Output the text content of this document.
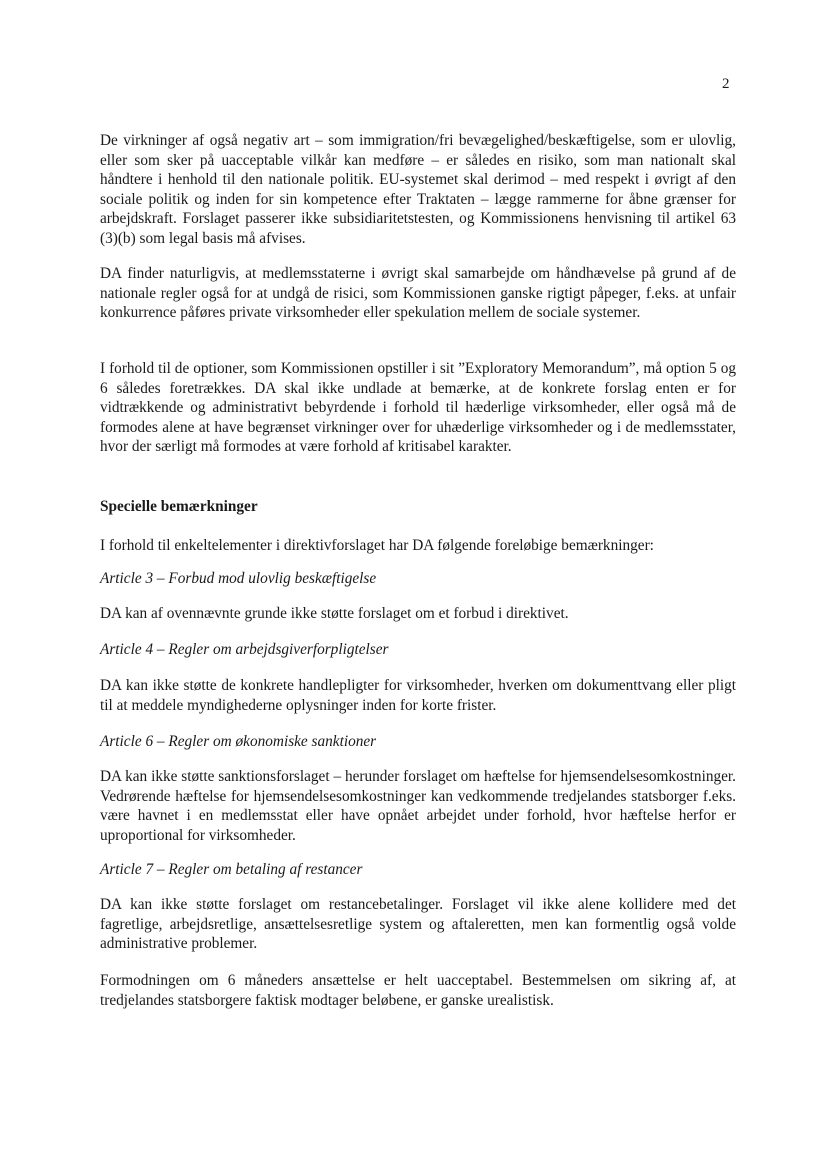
2

De virkninger af også negativ art – som immigration/fri bevægelighed/beskæftigelse, som er ulovlig, eller som sker på uacceptable vilkår kan medføre – er således en risiko, som man nationalt skal håndtere i henhold til den nationale politik. EU-systemet skal derimod – med respekt i øvrigt af den sociale politik og inden for sin kompetence efter Traktaten – lægge rammerne for åbne grænser for arbejdskraft. Forslaget passerer ikke subsidiaritetstesten, og Kommissionens henvisning til artikel 63 (3)(b) som legal basis må afvises.

DA finder naturligvis, at medlemsstaterne i øvrigt skal samarbejde om håndhævelse på grund af de nationale regler også for at undgå de risici, som Kommissionen ganske rigtigt påpeger, f.eks. at unfair konkurrence påføres private virksomheder eller spekulation mellem de sociale systemer.

I forhold til de optioner, som Kommissionen opstiller i sit ”Exploratory Memorandum”, må option 5 og 6 således foretrækkes. DA skal ikke undlade at bemærke, at de konkrete forslag enten er for vidtrækkende og administrativt bebyrdende i forhold til hæderlige virksomheder, eller også må de formodes alene at have begrænset virkninger over for uhæderlige virksomheder og i de medlemsstater, hvor der særligt må formodes at være forhold af kritisabel karakter.

Specielle bemærkninger

I forhold til enkeltelementer i direktivforslaget har DA følgende foreløbige bemærkninger:

Article 3 – Forbud mod ulovlig beskæftigelse

DA kan af ovennævnte grunde ikke støtte forslaget om et forbud i direktivet.

Article 4 – Regler om arbejdsgiverforpligtelser

DA kan ikke støtte de konkrete handlepligter for virksomheder, hverken om dokumenttvang eller pligt til at meddele myndighederne oplysninger inden for korte frister.

Article 6 – Regler om økonomiske sanktioner

DA kan ikke støtte sanktionsforslaget – herunder forslaget om hæftelse for hjemsendelsesomkostninger. Vedrørende hæftelse for hjemsendelsesomkostninger kan vedkommende tredjelandes statsborger f.eks. være havnet i en medlemsstat eller have opnået arbejdet under forhold, hvor hæftelse herfor er uproportional for virksomheder.

Article 7 – Regler om betaling af restancer

DA kan ikke støtte forslaget om restancebetalinger. Forslaget vil ikke alene kollidere med det fagretlige, arbejdsretlige, ansættelsesretlige system og aftaleretten, men kan formentlig også volde administrative problemer.

Formodningen om 6 måneders ansættelse er helt uacceptabel. Bestemmelsen om sikring af, at tredjelandes statsborgere faktisk modtager beløbene, er ganske urealistisk.
